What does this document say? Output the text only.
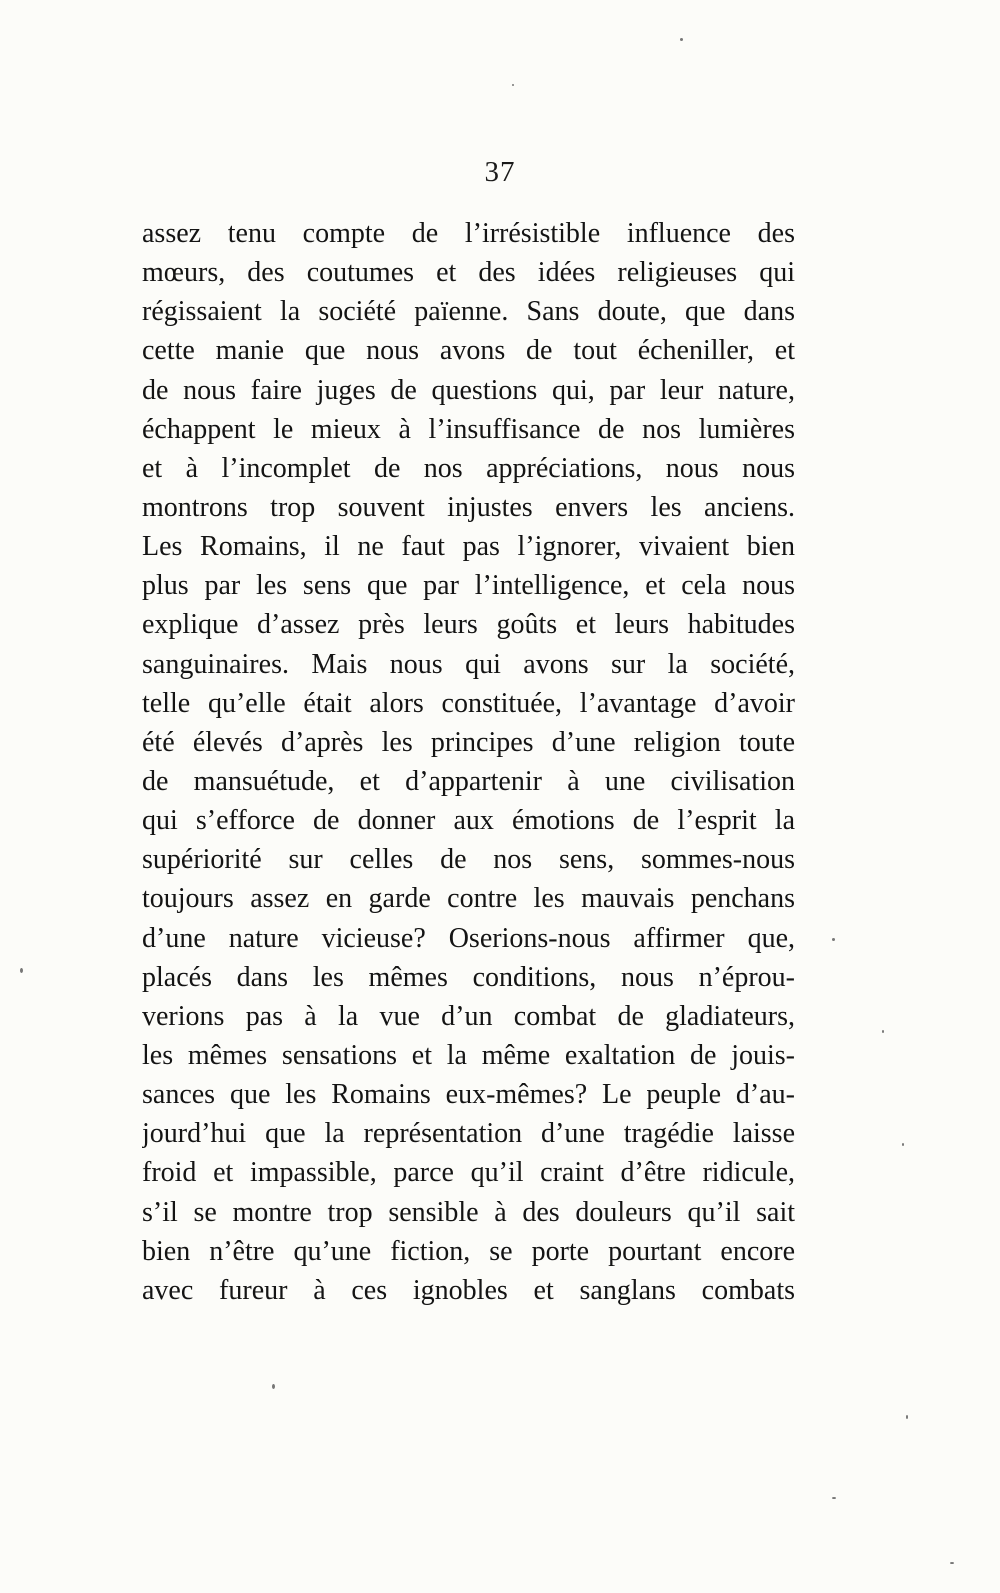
37
assez tenu compte de l’irrésistible influence des
mœurs, des coutumes et des idées religieuses qui
régissaient la société païenne. Sans doute, que dans
cette manie que nous avons de tout écheniller, et
de nous faire juges de questions qui, par leur nature,
échappent le mieux à l’insuffisance de nos lumières
et à l’incomplet de nos appréciations, nous nous
montrons trop souvent injustes envers les anciens.
Les Romains, il ne faut pas l’ignorer, vivaient bien
plus par les sens que par l’intelligence, et cela nous
explique d’assez près leurs goûts et leurs habitudes
sanguinaires. Mais nous qui avons sur la société,
telle qu’elle était alors constituée, l’avantage d’avoir
été élevés d’après les principes d’une religion toute
de mansuétude, et d’appartenir à une civilisation
qui s’efforce de donner aux émotions de l’esprit la
supériorité sur celles de nos sens, sommes-nous
toujours assez en garde contre les mauvais penchans
d’une nature vicieuse? Oserions-nous affirmer que,
placés dans les mêmes conditions, nous n’éprou-
verions pas à la vue d’un combat de gladiateurs,
les mêmes sensations et la même exaltation de jouis-
sances que les Romains eux-mêmes? Le peuple d’au-
jourd’hui que la représentation d’une tragédie laisse
froid et impassible, parce qu’il craint d’être ridicule,
s’il se montre trop sensible à des douleurs qu’il sait
bien n’être qu’une fiction, se porte pourtant encore
avec fureur à ces ignobles et sanglans combats
